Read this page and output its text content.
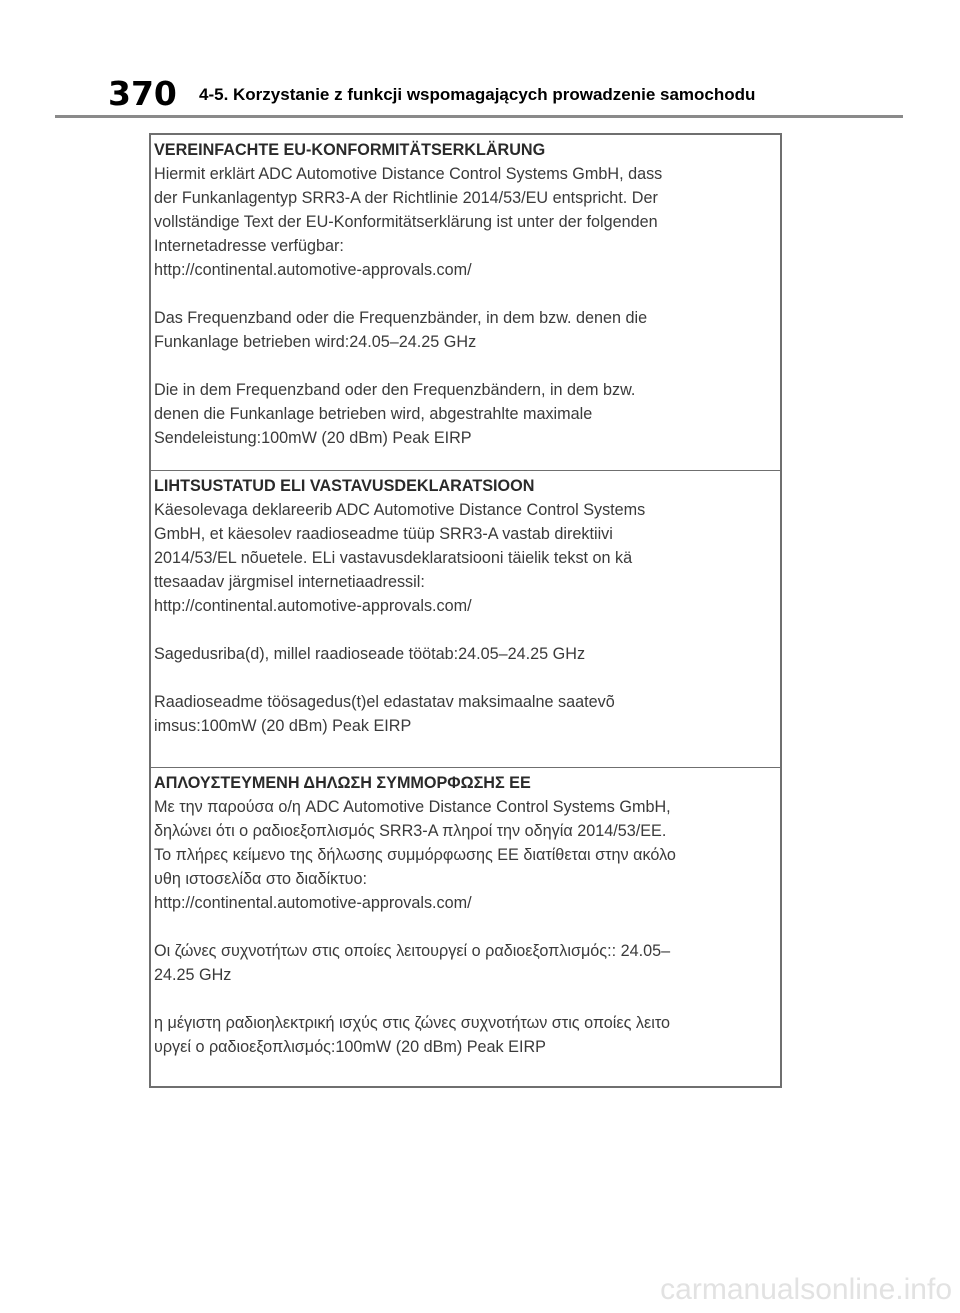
370 4-5. Korzystanie z funkcji wspomagających prowadzenie samochodu
VEREINFACHTE EU-KONFORMITÄTSERKLÄRUNG
Hiermit erklärt ADC Automotive Distance Control Systems GmbH, dass
der Funkanlagentyp SRR3-A der Richtlinie 2014/53/EU entspricht. Der
vollständige Text der EU-Konformitätserklärung ist unter der folgenden
Internetadresse verfügbar:
http://continental.automotive-approvals.com/
Das Frequenzband oder die Frequenzbänder, in dem bzw. denen die
Funkanlage betrieben wird:24.05–24.25 GHz
Die in dem Frequenzband oder den Frequenzbändern, in dem bzw.
denen die Funkanlage betrieben wird, abgestrahlte maximale
Sendeleistung:100mW (20 dBm) Peak EIRP
LIHTSUSTATUD ELI VASTAVUSDEKLARATSIOON
Käesolevaga deklareerib ADC Automotive Distance Control Systems
GmbH, et käesolev raadioseadme tüüp SRR3-A vastab direktiivi
2014/53/EL nõuetele. ELi vastavusdeklaratsiooni täielik tekst on kä
ttesaadav järgmisel internetiaadressil:
http://continental.automotive-approvals.com/
Sagedusriba(d), millel raadioseade töötab:24.05–24.25 GHz
Raadioseadme töösagedus(t)el edastatav maksimaalne saatevõ
imsus:100mW (20 dBm) Peak EIRP
ΑΠΛΟΥΣΤΕΥΜΕΝΗ ΔΗΛΩΣΗ ΣΥΜΜΟΡΦΩΣΗΣ ΕΕ
Με την παρούσα ο/η ADC Automotive Distance Control Systems GmbH,
δηλώνει ότι ο ραδιοεξοπλισμός SRR3-A πληροί την οδηγία 2014/53/ΕΕ.
Το πλήρες κείμενο της δήλωσης συμμόρφωσης ΕΕ διατίθεται στην ακόλο
υθη ιστοσελίδα στο διαδίκτυο:
http://continental.automotive-approvals.com/
Οι ζώνες συχνοτήτων στις οποίες λειτουργεί ο ραδιοεξοπλισμός:: 24.05–
24.25 GHz
η μέγιστη ραδιοηλεκτρική ισχύς στις ζώνες συχνοτήτων στις οποίες λειτο
υργεί ο ραδιοεξοπλισμός:100mW (20 dBm) Peak EIRP
carmanualsonline.info
